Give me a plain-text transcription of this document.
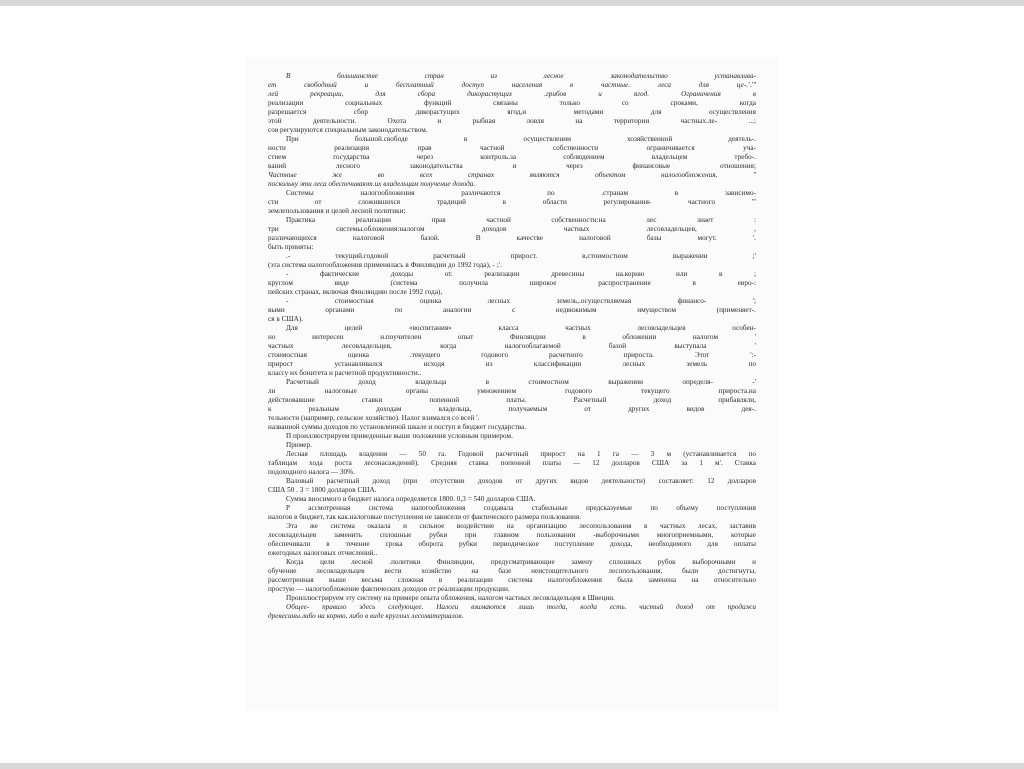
В большинстве стран из лесное законодательство устанавлива-

ет свободный и бесплатный доступ населения в частные. леса для це-.'.'"

лей рекреации, для сбора дикорастущих .грибов и ягод. Ограничения в

реализации социальных функций связаны только со сроками, когда

разрешается сбор дикорастущих ягод,и методами для осуществления

этой деятельности. Охота и рыбная ловля на территории частных.ле- ...;

сов регулируются специальным законодательством.

При большой.свободе в осуществлении хозяйственной деятель-.

ности реализация прав частной собственности ограничивается уча-

стием государства через контроль.за соблюдением владельцем требо-.

ваний лесного законодательства и через финансовые отношения;

Частные же во всех странах являются объектом налогообложения, "

поскольку эти леса обеспечивают.их владельцам получение дохода.

Системы налогообложения различаются по .странам в зависимо-

сти от сложившихся традиций в области регулирования- частного "'

землепользования и целей лесной политики;

Практика реализации прав частной собственности:на лес знает :

три системы.обложения:налогом доходов частных лесовладельцев, ,

различающихся налоговой базой. В качестве налоговой базы могут. '.

быть приняты:

.- текущий.годовой расчетный прирост. в,стоимостном выражении ;'

(эта система налогообложения применялась в Финляндии до 1992 года), - ;'.

- фактические доходы от. реализации древесины на.корню или в ;

круглом виде (система получила широкое распространение в евро-:

пейских странах, включая Финляндию после 1992 года),

- стоимостная оценка лесных земель,.осуществляемая финансо- ';

выми органами по аналогии с недвижимым имуществом (применяет-.

ся в США).

Для целей «воспитания» класса частных лесовладельцев особен-

но интересен н.поучителен опыт Финляндии в обложении налогом '

частных лесовладельцев, когда налогооблагаемой базой выступала '

стоимостная оценка .текущего годового расчетного прироста. Этот ':-

прирост устанавливался исходя из классификации лесных земель по

классу их бонитета и расчетной продуктивности..

Расчетный доход владельца в стоимостном выражении определя- -'

ли налоговые органы умножением годового текущего прироста.на

действовавшие ставки попенной платы. Расчетный доход прибавляли,

к реальным доходам владельца, получаемым от других видов дея-.

тельности (например, сельское хозяйство). Налог взимался со всей '.

названной суммы доходов по установленной шкале и поступ в бюджет государства.

П проиллюстрируем приведенные выше положения условным примером.

Пример.

Лесная площадь владения — 50 га. Годовой расчетный прирост на 1 га — 3 м (устанавливается по

таблицам хода роста лесонасаждений). Средняя ставка попенной платы — 12 долларов США за 1 м'. Ставка

подоходного налога — 30%.

Валовый расчетный доход (при отсутствии доходов от других видов деятельности) составляет: 12 долларов

США 50 . 3 = 1800 долларов США.

Сумма вносимого в бюджет налога определяется 1800. 0,3 = 540 долларов США.

Р ассмотренная система налогообложения создавала стабильные предсказуемые по объему поступления

налогов в бюджет, так как.налоговые поступления не зависели от фактического размера пользования.

Эта же система оказала и сильное воздействие на организацию лесопользования в частных лесах, заставив

лесовладельцев заменить сплошные рубки при главном пользовании -выборочными многоприемными, которые

обеспечивали в течение срока оборота рубки периодическое поступление дохода, необходимого для оплаты

ежегодных налоговых отчислений..

Когда цели лесной .политики Финляндии, предусматривающие замену сплошных рубок выборочными и

обучение лесовладельцев вести хозяйство на базе неистощительного лесопользования, были достигнуты,

рассмотренная выше весьма сложная в реализации система налогообложения была заменена на относительно

простую — налогообложение фактических доходов от реализации продукции.

Проиллюстрируем эту систему на примере опыта обложения, налогом частных лесовладельцев в Швеции.

Общее- правило здесь следующее. Налоги взимаются лишь тогда, когда есть. чистый доход от продажи

древесины.либо на корню, либо в виде круглых лесоматериалов.
